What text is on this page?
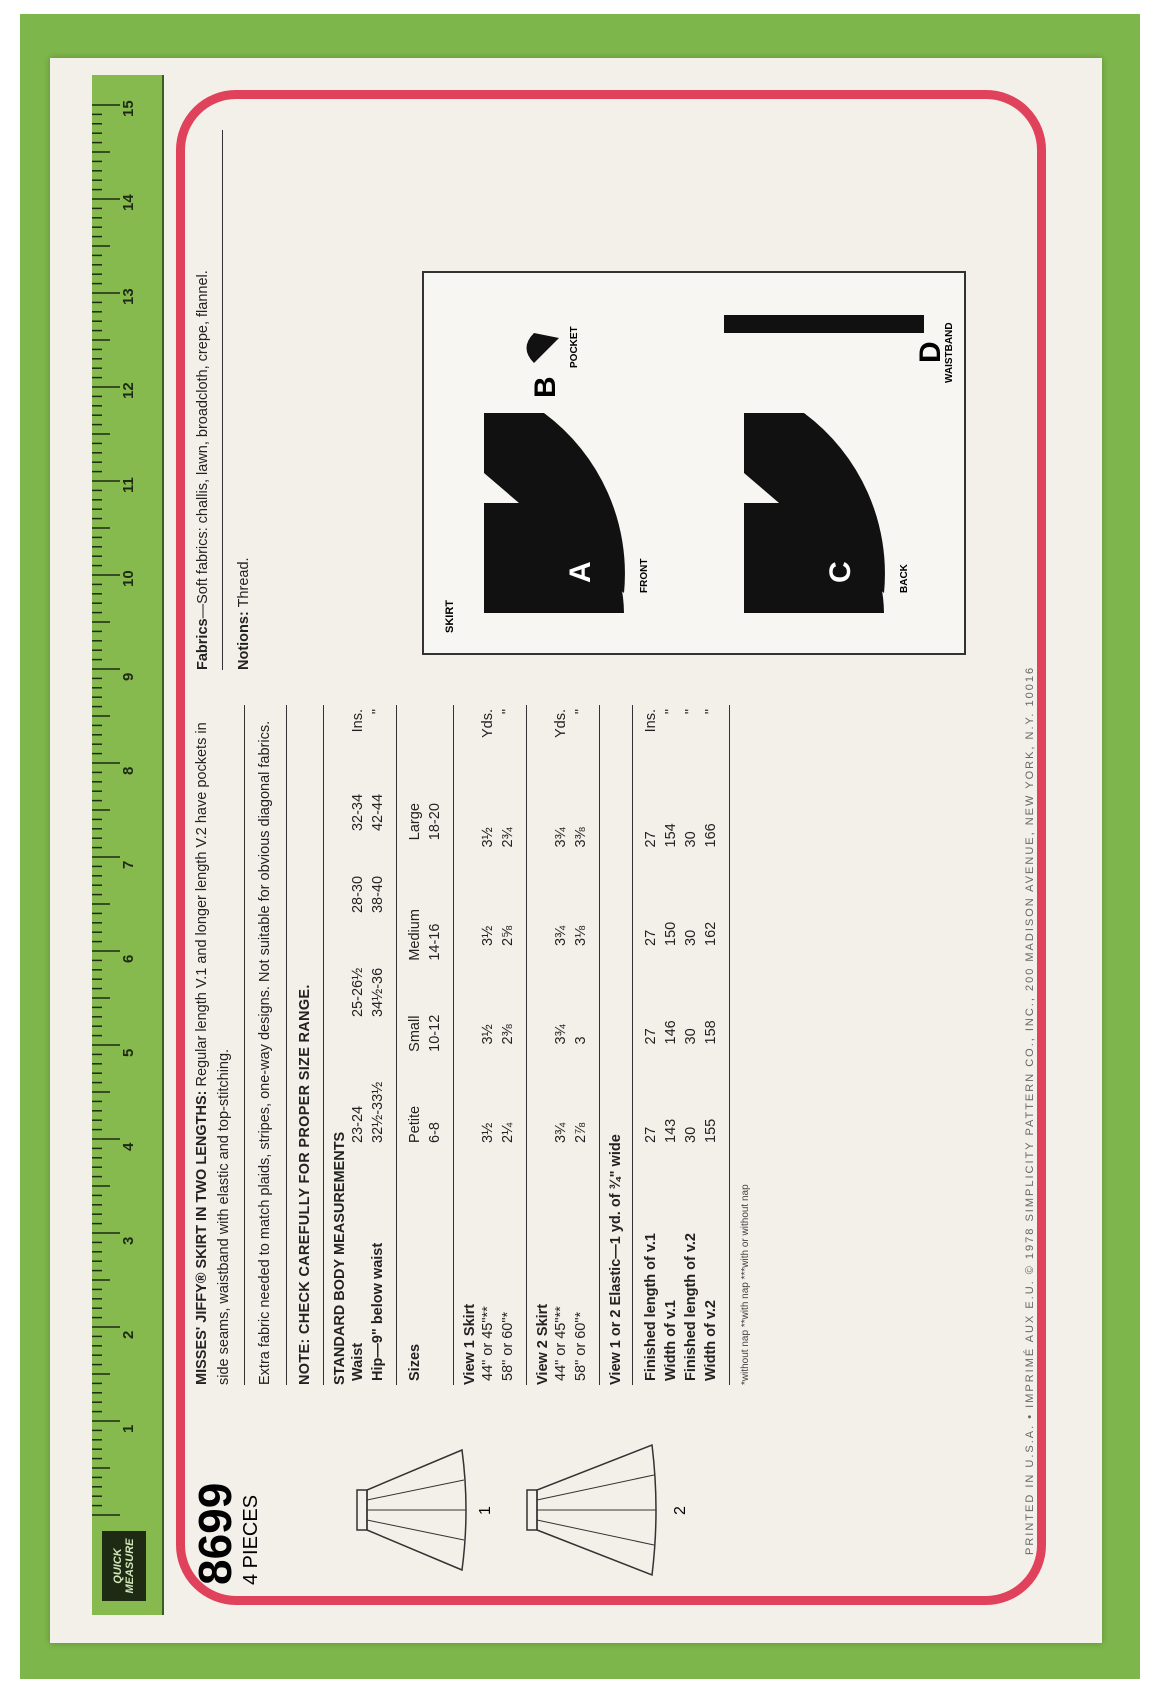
QUICK MEASURE
1
2
3
4
5
6
7
8
9
10
11
12
13
14
15
8699 4 PIECES	1	2
MISSES' JIFFY® SKIRT IN TWO LENGTHS: Regular length V.1 and longer length V.2 have pockets in side seams, waistband with elastic and top-stitching. Extra fabric needed to match plaids, stripes, one-way designs. Not suitable for obvious diagonal fabrics. NOTE: CHECK CAREFULLY FOR PROPER SIZE RANGE. STANDARD BODY MEASUREMENTS Waist	23-24	25-26½	28-30	32-34	Ins.
Hip—9" below waist	32½-33½	34½-36	38-40	42-44	"
Sizes	Petite	Small	Medium	Large	
	6-8	10-12	14-16	18-20	
View 1 Skirt 44" or 45"**	3½	3½	3½	3½	Yds.
58" or 60"*	2¼	2⅜	2⅝	2¾	"
View 2 Skirt 44" or 45"**	3¾	3¾	3¾	3¾	Yds.
58" or 60"*	2⅞	3	3⅛	3⅜	"
View 1 or 2 Elastic—1 yd. of ¾" wide Finished length of v.1	27	27	27	27	Ins.
Width of v.1	143	146	150	154	"
Finished length of v.2	30	30	30	30	"
Width of v.2	155	158	162	166	"
*without nap **with nap ***with or without nap
Fabrics—Soft fabrics: challis, lawn, broadcloth, crepe, flannel.
Notions: Thread.
SKIRT
A	FRONT
B
POCKET
C	BACK
D
WAISTBAND
PRINTED IN U.S.A. • IMPRIMÉ AUX E.U. © 1978 SIMPLICITY PATTERN CO., INC., 200 MADISON AVENUE, NEW YORK, N.Y. 10016
